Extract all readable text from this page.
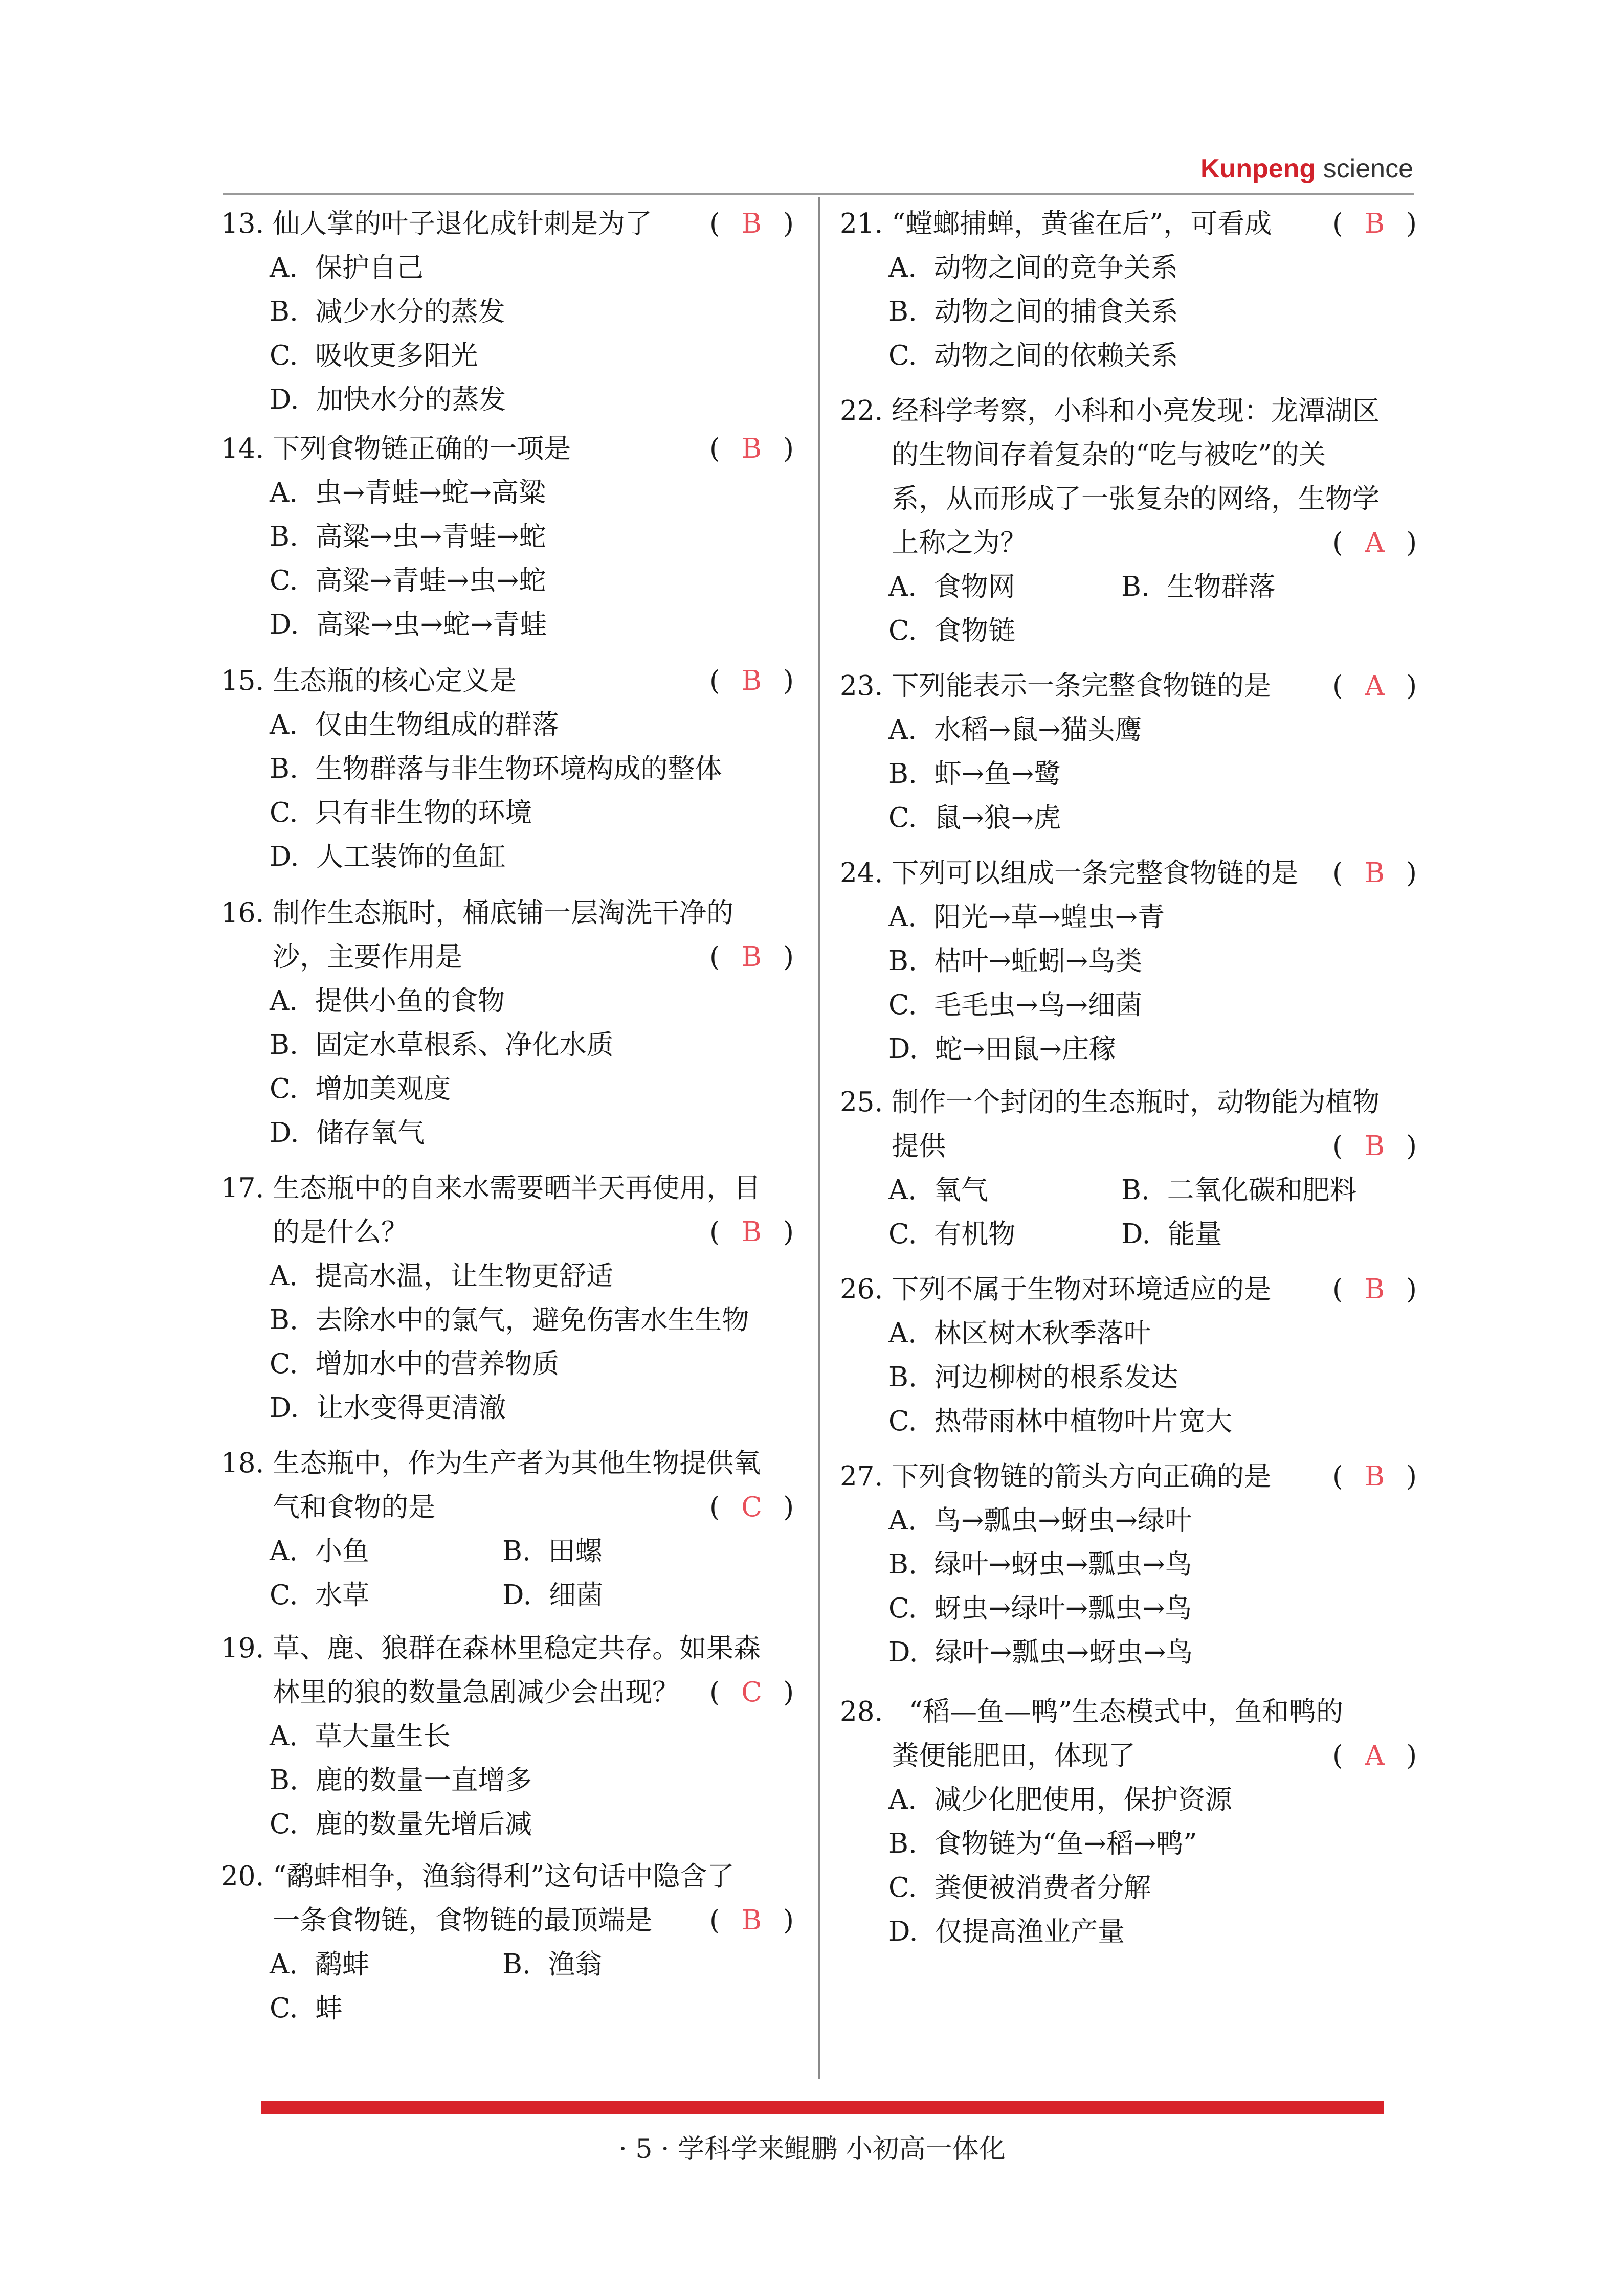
Kunpeng science
13. 仙人掌的叶子退化成针刺是为了	( B )
A.  保护自己
B.  减少水分的蒸发
C.  吸收更多阳光
D.  加快水分的蒸发
14. 下列食物链正确的一项是	( B )
A.  虫→青蛙→蛇→高粱
B.  高粱→虫→青蛙→蛇
C.  高粱→青蛙→虫→蛇
D.  高粱→虫→蛇→青蛙
15. 生态瓶的核心定义是	( B )
A.  仅由生物组成的群落
B.  生物群落与非生物环境构成的整体
C.  只有非生物的环境
D.  人工装饰的鱼缸
16. 制作生态瓶时，桶底铺一层淘洗干净的
沙，主要作用是	( B )
A.  提供小鱼的食物
B.  固定水草根系、净化水质
C.  增加美观度
D.  储存氧气
17. 生态瓶中的自来水需要晒半天再使用，目
的是什么？	( B )
A.  提高水温，让生物更舒适
B.  去除水中的氯气，避免伤害水生生物
C.  增加水中的营养物质
D.  让水变得更清澈
18. 生态瓶中，作为生产者为其他生物提供氧
气和食物的是	( C )
A.  小鱼	B.  田螺
C.  水草	D.  细菌
19. 草、鹿、狼群在森林里稳定共存。如果森
林里的狼的数量急剧减少会出现？	( C )
A.  草大量生长
B.  鹿的数量一直增多
C.  鹿的数量先增后减
20. “鹬蚌相争，渔翁得利”这句话中隐含了
一条食物链，食物链的最顶端是	( B )
A.  鹬蚌	B.  渔翁
C.  蚌
21. “螳螂捕蝉，黄雀在后”，可看成	( B )
A.  动物之间的竞争关系
B.  动物之间的捕食关系
C.  动物之间的依赖关系
22. 经科学考察，小科和小亮发现：龙潭湖区
的生物间存着复杂的“吃与被吃”的关
系，从而形成了一张复杂的网络，生物学
上称之为？	( A )
A.  食物网	B.  生物群落
C.  食物链
23. 下列能表示一条完整食物链的是	( A )
A.  水稻→鼠→猫头鹰
B.  虾→鱼→鹭
C.  鼠→狼→虎
24. 下列可以组成一条完整食物链的是	( B )
A.  阳光→草→蝗虫→青
B.  枯叶→蚯蚓→鸟类
C.  毛毛虫→鸟→细菌
D.  蛇→田鼠→庄稼
25. 制作一个封闭的生态瓶时，动物能为植物
提供	( B )
A.  氧气	B.  二氧化碳和肥料
C.  有机物	D.  能量
26. 下列不属于生物对环境适应的是	( B )
A.  林区树木秋季落叶
B.  河边柳树的根系发达
C.  热带雨林中植物叶片宽大
27. 下列食物链的箭头方向正确的是	( B )
A.  鸟→瓢虫→蚜虫→绿叶
B.  绿叶→蚜虫→瓢虫→鸟
C.  蚜虫→绿叶→瓢虫→鸟
D.  绿叶→瓢虫→蚜虫→鸟
28. “稻—鱼—鸭”生态模式中，鱼和鸭的
粪便能肥田，体现了	( A )
A.  减少化肥使用，保护资源
B.  食物链为“鱼→稻→鸭”
C.  粪便被消费者分解
D.  仅提高渔业产量
· 5 · 学科学来鲲鹏 小初高一体化
